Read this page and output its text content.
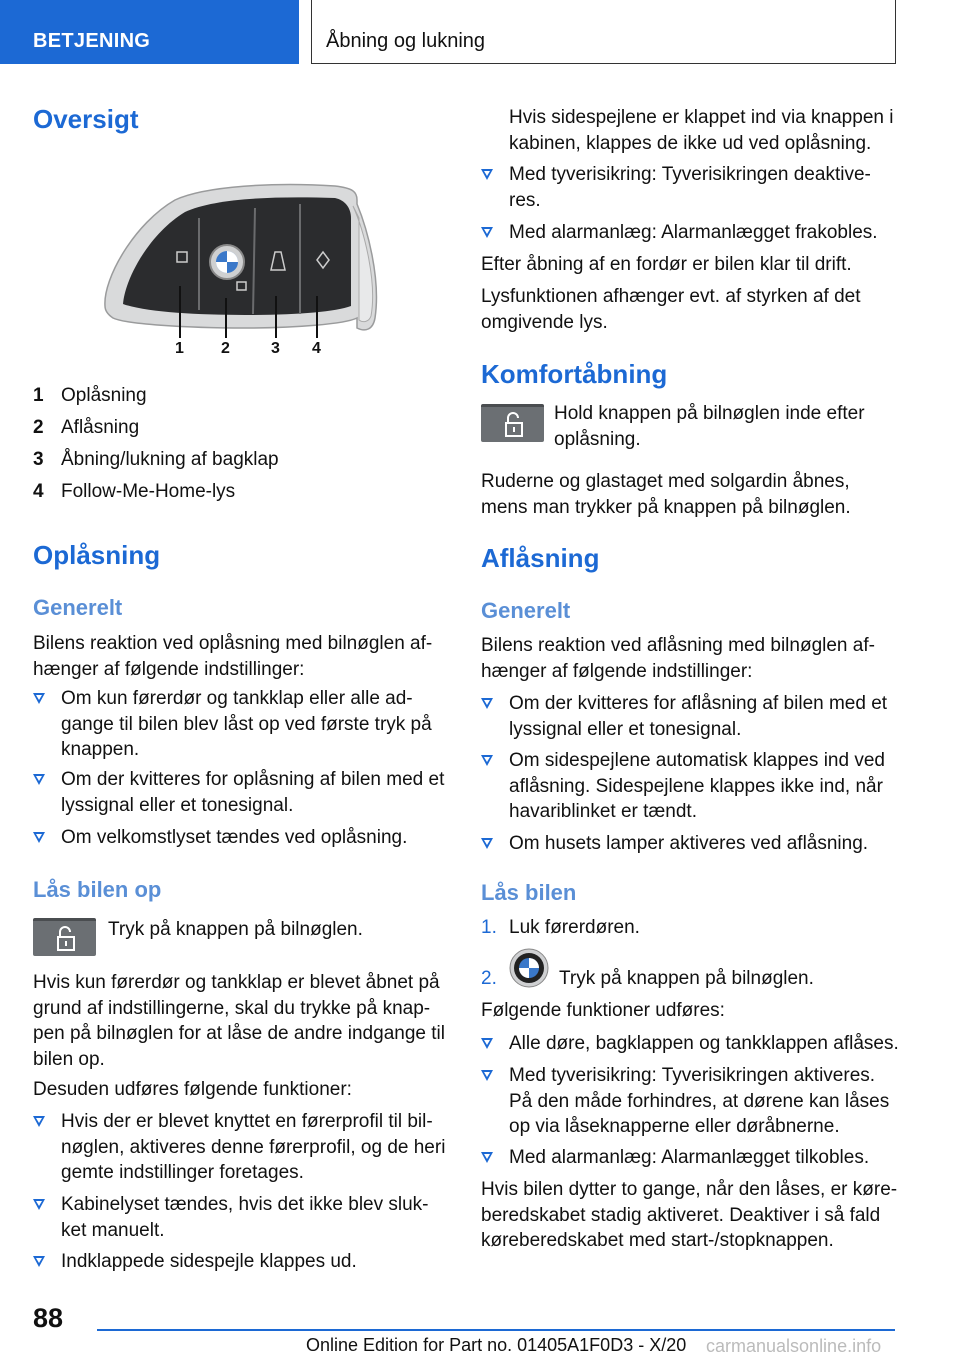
BETJENING	Åbning og lukning
Oversigt
1 2	3 4
1 Oplåsning
2 Aflåsning
3 Åbning/lukning af bagklap
4 Follow-Me-Home-lys
Oplåsning
Generelt

Bilens reaktion ved oplåsning med bilnøglen af-hænger af følgende indstillinger:

Om kun førerdør og tankklap eller alle ad-gange til bilen blev låst op ved første tryk på knappen.
Om der kvitteres for oplåsning af bilen med et lyssignal eller et tonesignal.
Om velkomstlyset tændes ved oplåsning.
Lås bilen op
Tryk på knappen på bilnøglen.

Hvis kun førerdør og tankklap er blevet åbnet på grund af indstillingerne, skal du trykke på knap-pen på bilnøglen for at låse de andre indgange til bilen op.

Desuden udføres følgende funktioner:

Hvis der er blevet knyttet en førerprofil til bil-nøglen, aktiveres denne førerprofil, og de heri gemte indstillinger foretages.
Kabinelyset tændes, hvis det ikke blev sluk-ket manuelt.
Indklappede sidespejle klappes ud.

Hvis sidespejlene er klappet ind via knappen i kabinen, klappes de ikke ud ved oplåsning.

Med tyverisikring: Tyverisikringen deaktive-res.
Med alarmanlæg: Alarmanlægget frakobles.

Efter åbning af en fordør er bilen klar til drift.

Lysfunktionen afhænger evt. af styrken af det omgivende lys.

Komfortåbning

Hold knappen på bilnøglen inde efter oplåsning.

Ruderne og glastaget med solgardin åbnes, mens man trykker på knappen på bilnøglen.

Aflåsning
Generelt

Bilens reaktion ved aflåsning med bilnøglen af-hænger af følgende indstillinger:

Om der kvitteres for aflåsning af bilen med et lyssignal eller et tonesignal.
Om sidespejlene automatisk klappes ind ved aflåsning. Sidespejlene klappes ikke ind, når havariblinket er tændt.
Om husets lamper aktiveres ved aflåsning.
Lås bilen
1. Luk førerdøren.
2.	Tryk på knappen på bilnøglen.

Følgende funktioner udføres:

Alle døre, bagklappen og tankklappen aflåses.
Med tyverisikring: Tyverisikringen aktiveres. På den måde forhindres, at dørene kan låses op via låseknapperne eller døråbnerne.
Med alarmanlæg: Alarmanlægget tilkobles.

Hvis bilen dytter to gange, når den låses, er køre-beredskabet stadig aktiveret. Deaktiver i så fald køreberedskabet med start-/stopknappen.

88
Online Edition for Part no. 01405A1F0D3 - X/20 carmanualsonline.info
